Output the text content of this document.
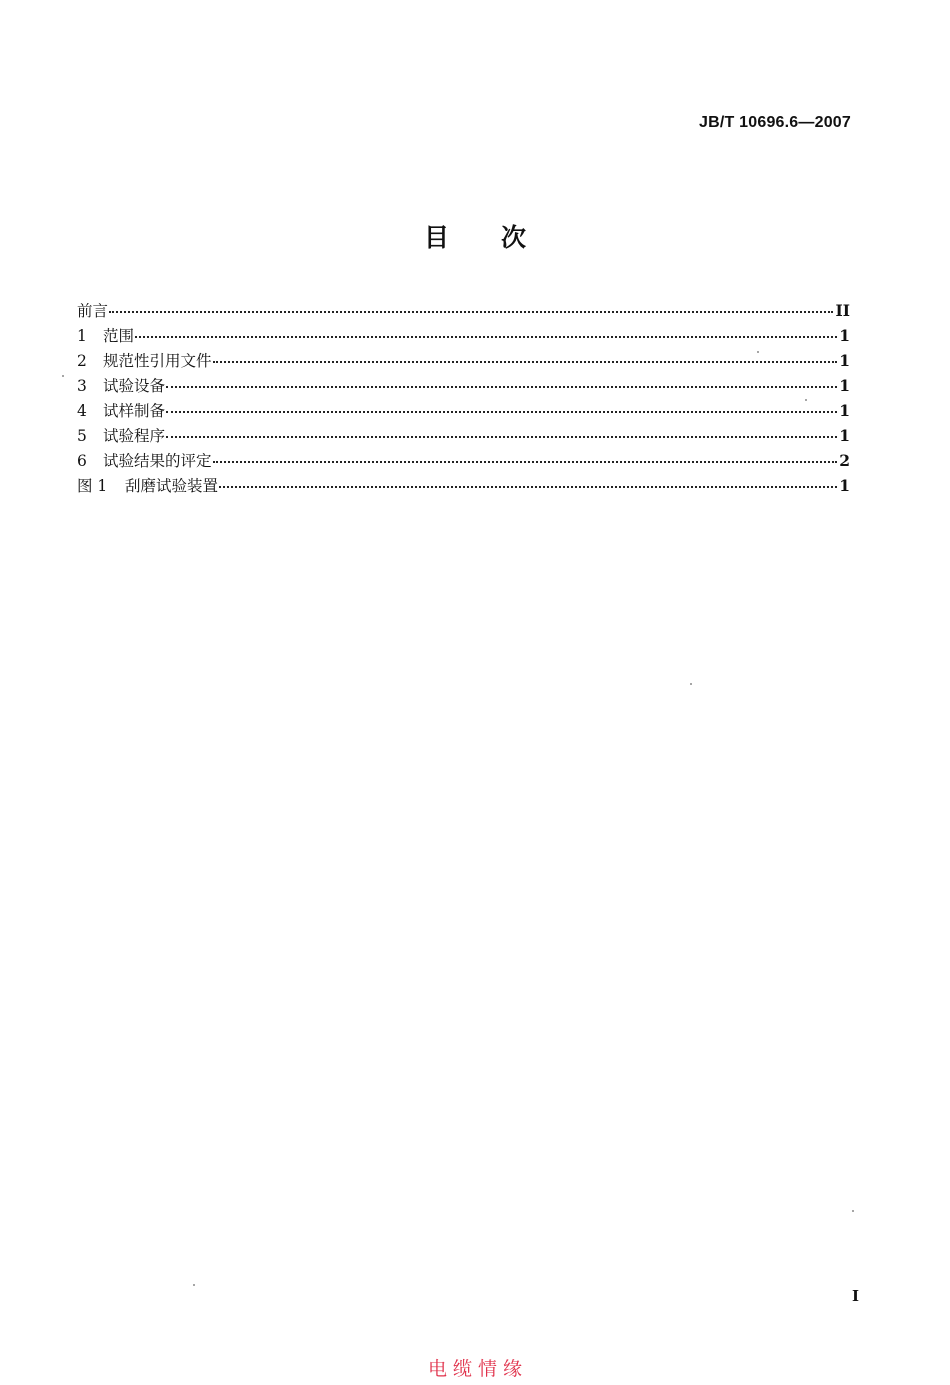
JB/T 10696.6—2007
目次
前言	II
1	范围	1
2	规范性引用文件	1
3	试验设备	1
4	试样制备	1
5	试验程序	1
6	试验结果的评定	2
图 1	刮磨试验装置	1
I
电缆情缘
